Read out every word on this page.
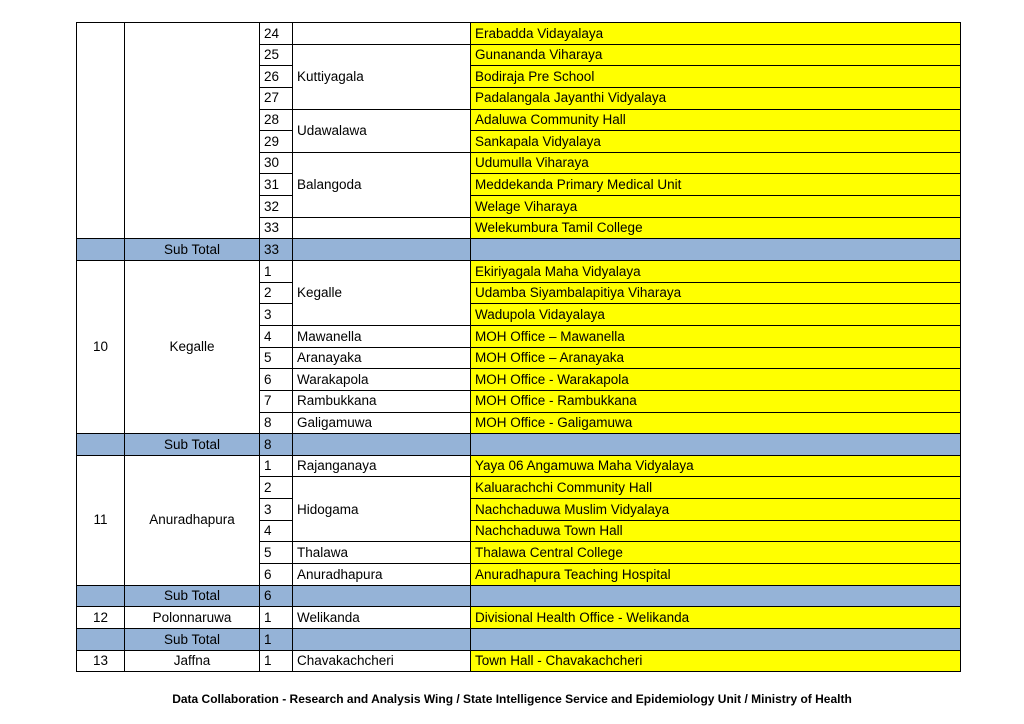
		24		Erabadda Vidayalaya
		25	Kuttiyagala	Gunananda Viharaya
		26		Bodiraja Pre School
		27		Padalangala Jayanthi Vidyalaya
		28	Udawalawa	Adaluwa Community Hall
		29		Sankapala Vidyalaya
		30	Balangoda	Udumulla Viharaya
		31		Meddekanda Primary Medical Unit
		32		Welage Viharaya
		33		Welekumbura Tamil College
	Sub Total	33		
10	Kegalle	1	Kegalle	Ekiriyagala Maha Vidyalaya
		2		Udamba Siyambalapitiya Viharaya
		3		Wadupola Vidayalaya
		4	Mawanella	MOH Office – Mawanella
		5	Aranayaka	MOH Office – Aranayaka
		6	Warakapola	MOH Office - Warakapola
		7	Rambukkana	MOH Office - Rambukkana
		8	Galigamuwa	MOH Office - Galigamuwa
	Sub Total	8		
11	Anuradhapura	1	Rajanganaya	Yaya 06 Angamuwa Maha Vidyalaya
		2	Hidogama	Kaluarachchi Community Hall
		3		Nachchaduwa Muslim Vidyalaya
		4		Nachchaduwa Town Hall
		5	Thalawa	Thalawa Central College
		6	Anuradhapura	Anuradhapura Teaching Hospital
	Sub Total	6		
12	Polonnaruwa	1	Welikanda	Divisional Health Office - Welikanda
	Sub Total	1		
13	Jaffna	1	Chavakachcheri	Town Hall - Chavakachcheri
Data Collaboration - Research and Analysis Wing / State Intelligence Service and Epidemiology Unit / Ministry of Health
